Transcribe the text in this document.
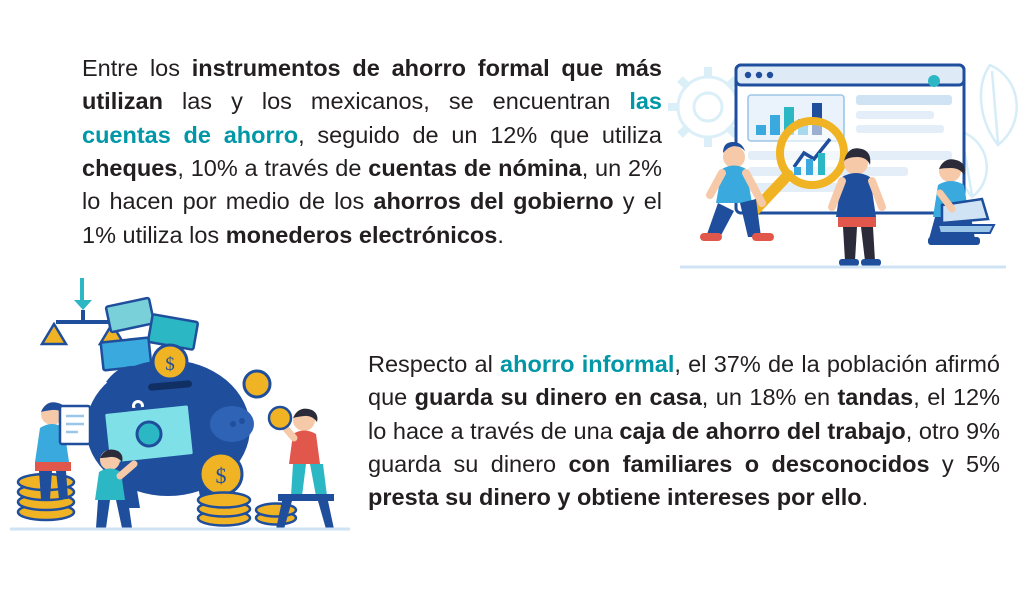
Entre los instrumentos de ahorro formal que más utilizan las y los mexicanos, se encuentran las cuentas de ahorro, seguido de un 12% que utiliza cheques, 10% a través de cuentas de nómina, un 2% lo hacen por medio de los ahorros del gobierno y el 1% utiliza los monederos electrónicos.
Respecto al ahorro informal, el 37% de la población afirmó que guarda su dinero en casa, un 18% en tandas, el 12% lo hace a través de una caja de ahorro del trabajo, otro 9% guarda su dinero con familiares o desconocidos y 5% presta su dinero y obtiene intereses por ello.
$
$
